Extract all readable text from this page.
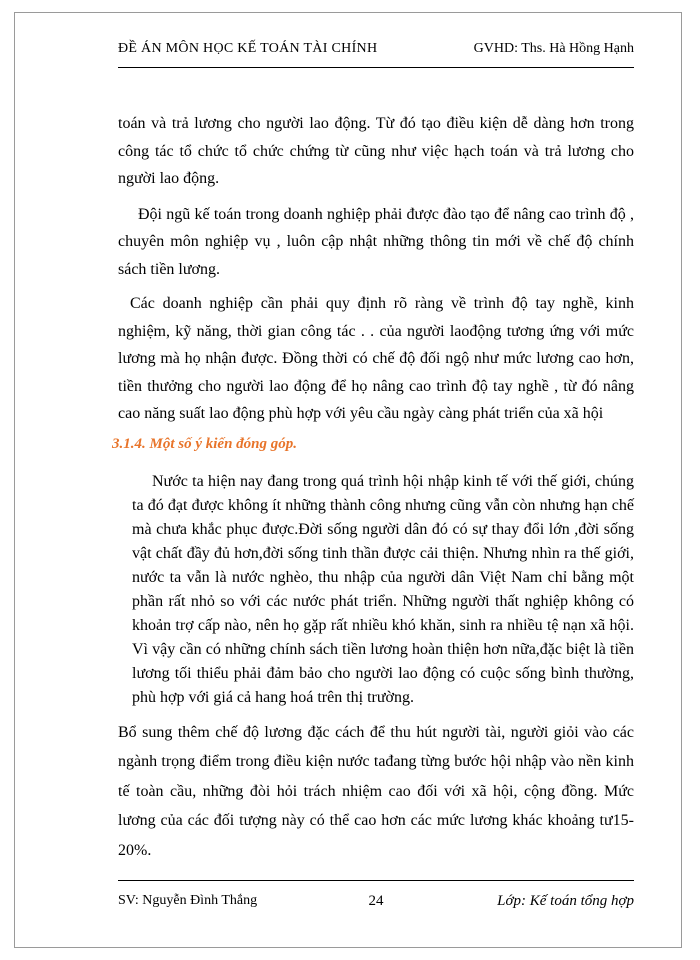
ĐỀ ÁN MÔN HỌC KẾ TOÁN TÀI CHÍNH	GVHD: Ths. Hà Hồng Hạnh

toán và trả lương cho người lao động. Từ đó tạo điều kiện dễ dàng hơn trong công tác tổ chức tổ chức chứng từ cũng như việc hạch toán và trả lương cho người lao động.

Đội ngũ kế toán trong doanh nghiệp phải được đào tạo để nâng cao trình độ , chuyên môn nghiệp vụ , luôn cập nhật những thông tin mới về chế độ chính sách tiền lương.

Các doanh nghiệp cần phải quy định rõ ràng về trình độ tay nghề, kinh nghiệm, kỹ năng, thời gian công tác . . của người laođộng tương ứng với mức lương mà họ nhận được. Đồng thời có chế độ đối ngộ như mức lương cao hơn, tiền thưởng cho người lao động để họ nâng cao trình độ tay nghề , từ đó nâng cao năng suất lao động phù hợp với yêu cầu ngày càng phát triển của xã hội

3.1.4. Một số ý kiến đóng góp.

Nước ta hiện nay đang trong quá trình hội nhập kinh tế với thế giới, chúng ta đó đạt được không ít những thành công nhưng cũng vẫn còn nhưng hạn chế mà chưa khắc phục được.Đời sống người dân đó có sự thay đổi lớn ,đời sống vật chất đầy đủ hơn,đời sống tinh thần được cải thiện. Nhưng nhìn ra thế giới, nước ta vẫn là nước nghèo, thu nhập của người dân Việt Nam chỉ bằng một phần rất nhỏ so với các nước phát triển. Những người thất nghiệp không có khoản trợ cấp nào, nên họ gặp rất nhiều khó khăn, sinh ra nhiều tệ nạn xã hội. Vì vậy cần có những chính sách tiền lương hoàn thiện hơn nữa,đặc biệt là tiền lương tối thiểu phải đảm bảo cho người lao động có cuộc sống bình thường, phù hợp với giá cả hang hoá trên thị trường.

Bổ sung thêm chế độ lương đặc cách để thu hút người tài, người giỏi vào các ngành trọng điểm trong điều kiện nước tađang từng bước hội nhập vào nền kinh tế toàn cầu, những đòi hỏi trách nhiệm cao đối với xã hội, cộng đồng. Mức lương của các đối tượng này có thể cao hơn các mức lương khác khoảng tư15-20%.

SV: Nguyễn Đình Thắng	24	Lớp: Kế toán tổng hợp
